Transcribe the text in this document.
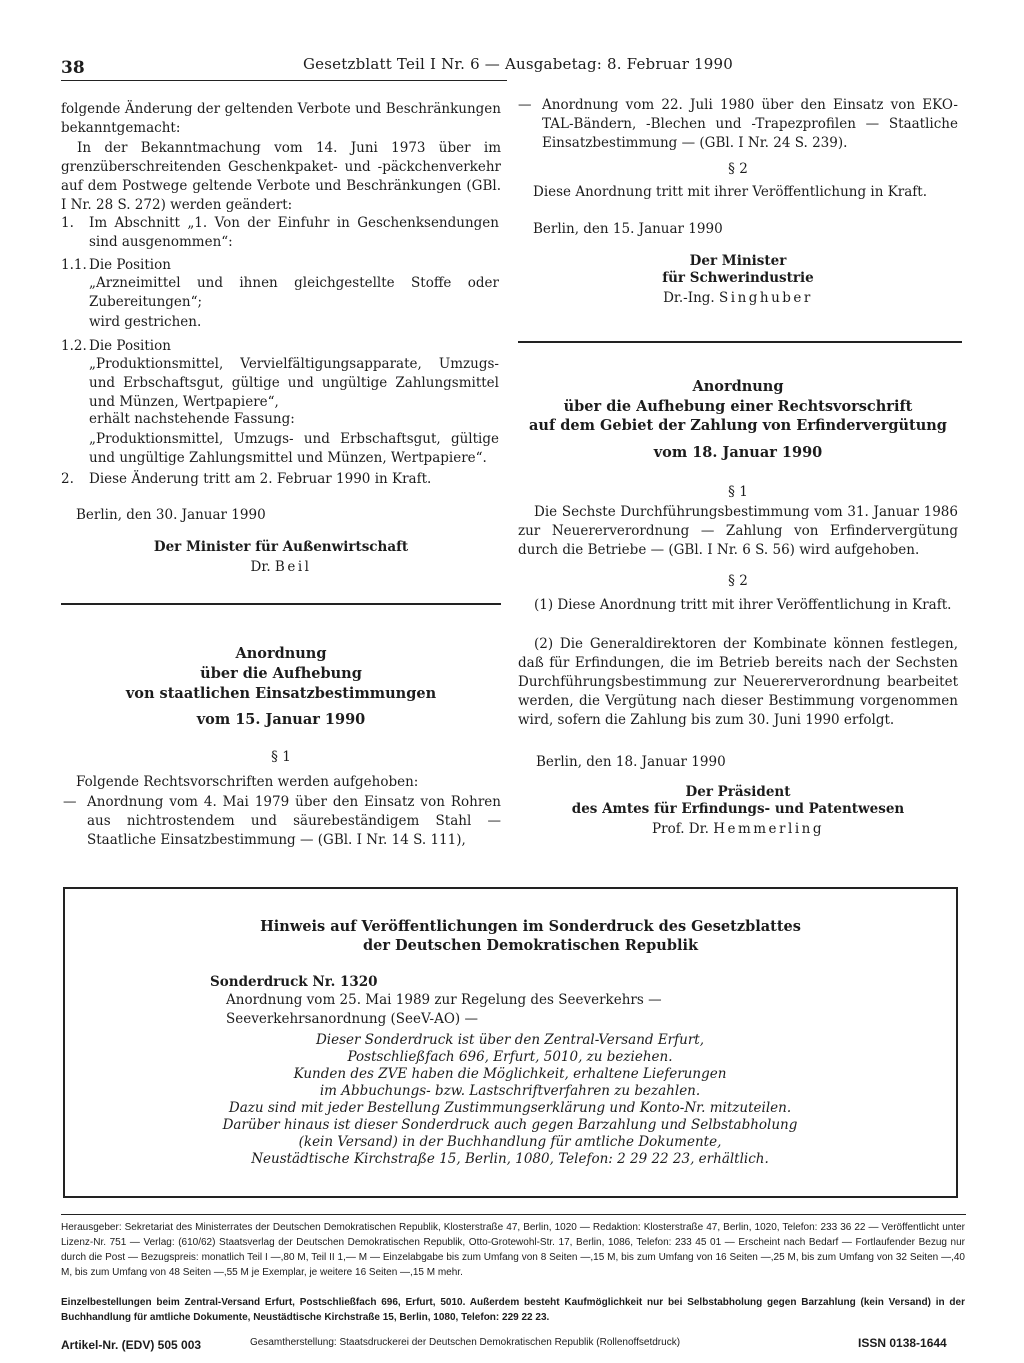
38	Gesetzblatt Teil I Nr. 6 — Ausgabetag: 8. Februar 1990
folgende Änderung der geltenden Verbote und Beschränkungen bekanntgemacht:
In der Bekanntmachung vom 14. Juni 1973 über im grenzüberschreitenden Geschenkpaket- und -päckchenverkehr auf dem Postwege geltende Verbote und Beschränkungen (GBl. I Nr. 28 S. 272) werden geändert:
1. Im Abschnitt „1. Von der Einfuhr in Geschenksendungen sind ausgenommen“:
1.1. Die Position
„Arzneimittel und ihnen gleichgestellte Stoffe oder Zubereitungen“;
wird gestrichen.
1.2. Die Position
„Produktionsmittel, Vervielfältigungsapparate, Umzugs- und Erbschaftsgut, gültige und ungültige Zahlungsmittel und Münzen, Wertpapiere“,
erhält nachstehende Fassung:
„Produktionsmittel, Umzugs- und Erbschaftsgut, gültige und ungültige Zahlungsmittel und Münzen, Wertpapiere“.
2. Diese Änderung tritt am 2. Februar 1990 in Kraft.
Berlin, den 30. Januar 1990
Der Minister für Außenwirtschaft
Dr. Beil
Anordnung
über die Aufhebung
von staatlichen Einsatzbestimmungen
vom 15. Januar 1990
§ 1
Folgende Rechtsvorschriften werden aufgehoben:
— Anordnung vom 4. Mai 1979 über den Einsatz von Rohren aus nichtrostendem und säurebeständigem Stahl — Staatliche Einsatzbestimmung — (GBl. I Nr. 14 S. 111),
— Anordnung vom 22. Juli 1980 über den Einsatz von EKO-TAL-Bändern, -Blechen und -Trapezprofilen — Staatliche Einsatzbestimmung — (GBl. I Nr. 24 S. 239).
§ 2
Diese Anordnung tritt mit ihrer Veröffentlichung in Kraft.
Berlin, den 15. Januar 1990
Der Minister
für Schwerindustrie
Dr.-Ing. Singhuber
Anordnung
über die Aufhebung einer Rechtsvorschrift
auf dem Gebiet der Zahlung von Erfindervergütung
vom 18. Januar 1990
§ 1
Die Sechste Durchführungsbestimmung vom 31. Januar 1986 zur Neuererverordnung — Zahlung von Erfindervergütung durch die Betriebe — (GBl. I Nr. 6 S. 56) wird aufgehoben.
§ 2
(1) Diese Anordnung tritt mit ihrer Veröffentlichung in Kraft.
(2) Die Generaldirektoren der Kombinate können festlegen, daß für Erfindungen, die im Betrieb bereits nach der Sechsten Durchführungsbestimmung zur Neuererverordnung bearbeitet werden, die Vergütung nach dieser Bestimmung vorgenommen wird, sofern die Zahlung bis zum 30. Juni 1990 erfolgt.
Berlin, den 18. Januar 1990
Der Präsident
des Amtes für Erfindungs- und Patentwesen
Prof. Dr. Hemmerling
Hinweis auf Veröffentlichungen im Sonderdruck des Gesetzblattes
der Deutschen Demokratischen Republik
Sonderdruck Nr. 1320
Anordnung vom 25. Mai 1989 zur Regelung des Seeverkehrs — Seeverkehrsanordnung (SeeV-AO) —
Dieser Sonderdruck ist über den Zentral-Versand Erfurt,
Postschließfach 696, Erfurt, 5010, zu beziehen.
Kunden des ZVE haben die Möglichkeit, erhaltene Lieferungen
im Abbuchungs- bzw. Lastschriftverfahren zu bezahlen.
Dazu sind mit jeder Bestellung Zustimmungserklärung und Konto-Nr. mitzuteilen.
Darüber hinaus ist dieser Sonderdruck auch gegen Barzahlung und Selbstabholung
(kein Versand) in der Buchhandlung für amtliche Dokumente,
Neustädtische Kirchstraße 15, Berlin, 1080, Telefon: 2 29 22 23, erhältlich.
Herausgeber: Sekretariat des Ministerrates der Deutschen Demokratischen Republik, Klosterstraße 47, Berlin, 1020 — Redaktion: Klosterstraße 47, Berlin, 1020, Telefon: 233 36 22 — Veröffentlicht unter Lizenz-Nr. 751 — Verlag: (610/62) Staatsverlag der Deutschen Demokratischen Republik, Otto-Grotewohl-Str. 17, Berlin, 1086, Telefon: 233 45 01 — Erscheint nach Bedarf — Fortlaufender Bezug nur durch die Post — Bezugspreis: monatlich Teil I —,80 M, Teil II 1,— M — Einzelabgabe bis zum Umfang von 8 Seiten —,15 M, bis zum Umfang von 16 Seiten —,25 M, bis zum Umfang von 32 Seiten —,40 M, bis zum Umfang von 48 Seiten —,55 M je Exemplar, je weitere 16 Seiten —,15 M mehr.
Einzelbestellungen beim Zentral-Versand Erfurt, Postschließfach 696, Erfurt, 5010. Außerdem besteht Kaufmöglichkeit nur bei Selbstabholung gegen Barzahlung (kein Versand) in der Buchhandlung für amtliche Dokumente, Neustädtische Kirchstraße 15, Berlin, 1080, Telefon: 229 22 23.
Artikel-Nr. (EDV) 505 003	Gesamtherstellung: Staatsdruckerei der Deutschen Demokratischen Republik (Rollenoffsetdruck)	ISSN 0138-1644
